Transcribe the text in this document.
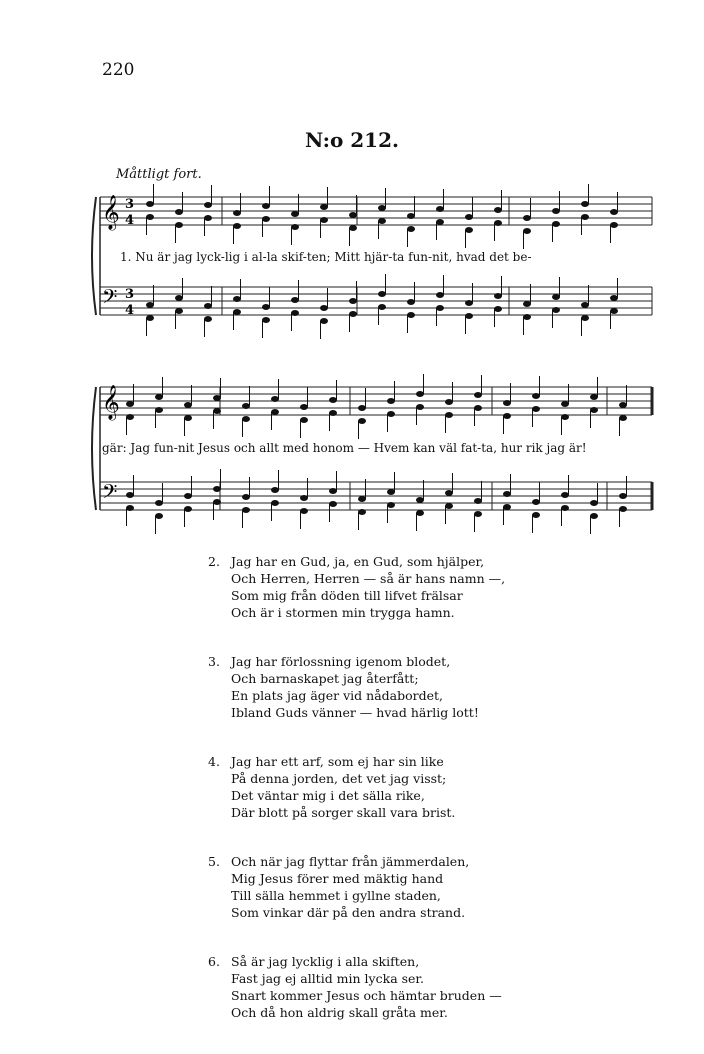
220
N:o 212.
Måttligt fort.
𝄞
𝄢
𝄞
𝄢
3
4
3
4
1. Nu är jag lyck-lig i al-la skif-ten; Mitt hjär-ta fun-nit, hvad det be-
gär: Jag fun-nit Jesus och allt med honom — Hvem kan väl fat-ta, hur rik jag är!
2. Jag har en Gud, ja, en Gud, som hjälper,
Och Herren, Herren — så är hans namn —,
Som mig från döden till lifvet frälsar
Och är i stormen min trygga hamn.
3. Jag har förlossning igenom blodet,
Och barnaskapet jag återfått;
En plats jag äger vid nådabordet,
Ibland Guds vänner — hvad härlig lott!
4. Jag har ett arf, som ej har sin like
På denna jorden, det vet jag visst;
Det väntar mig i det sälla rike,
Där blott på sorger skall vara brist.
5. Och när jag flyttar från jämmerdalen,
Mig Jesus förer med mäktig hand
Till sälla hemmet i gyllne staden,
Som vinkar där på den andra strand.
6. Så är jag lycklig i alla skiften,
Fast jag ej alltid min lycka ser.
Snart kommer Jesus och hämtar bruden —
Och då hon aldrig skall gråta mer.
